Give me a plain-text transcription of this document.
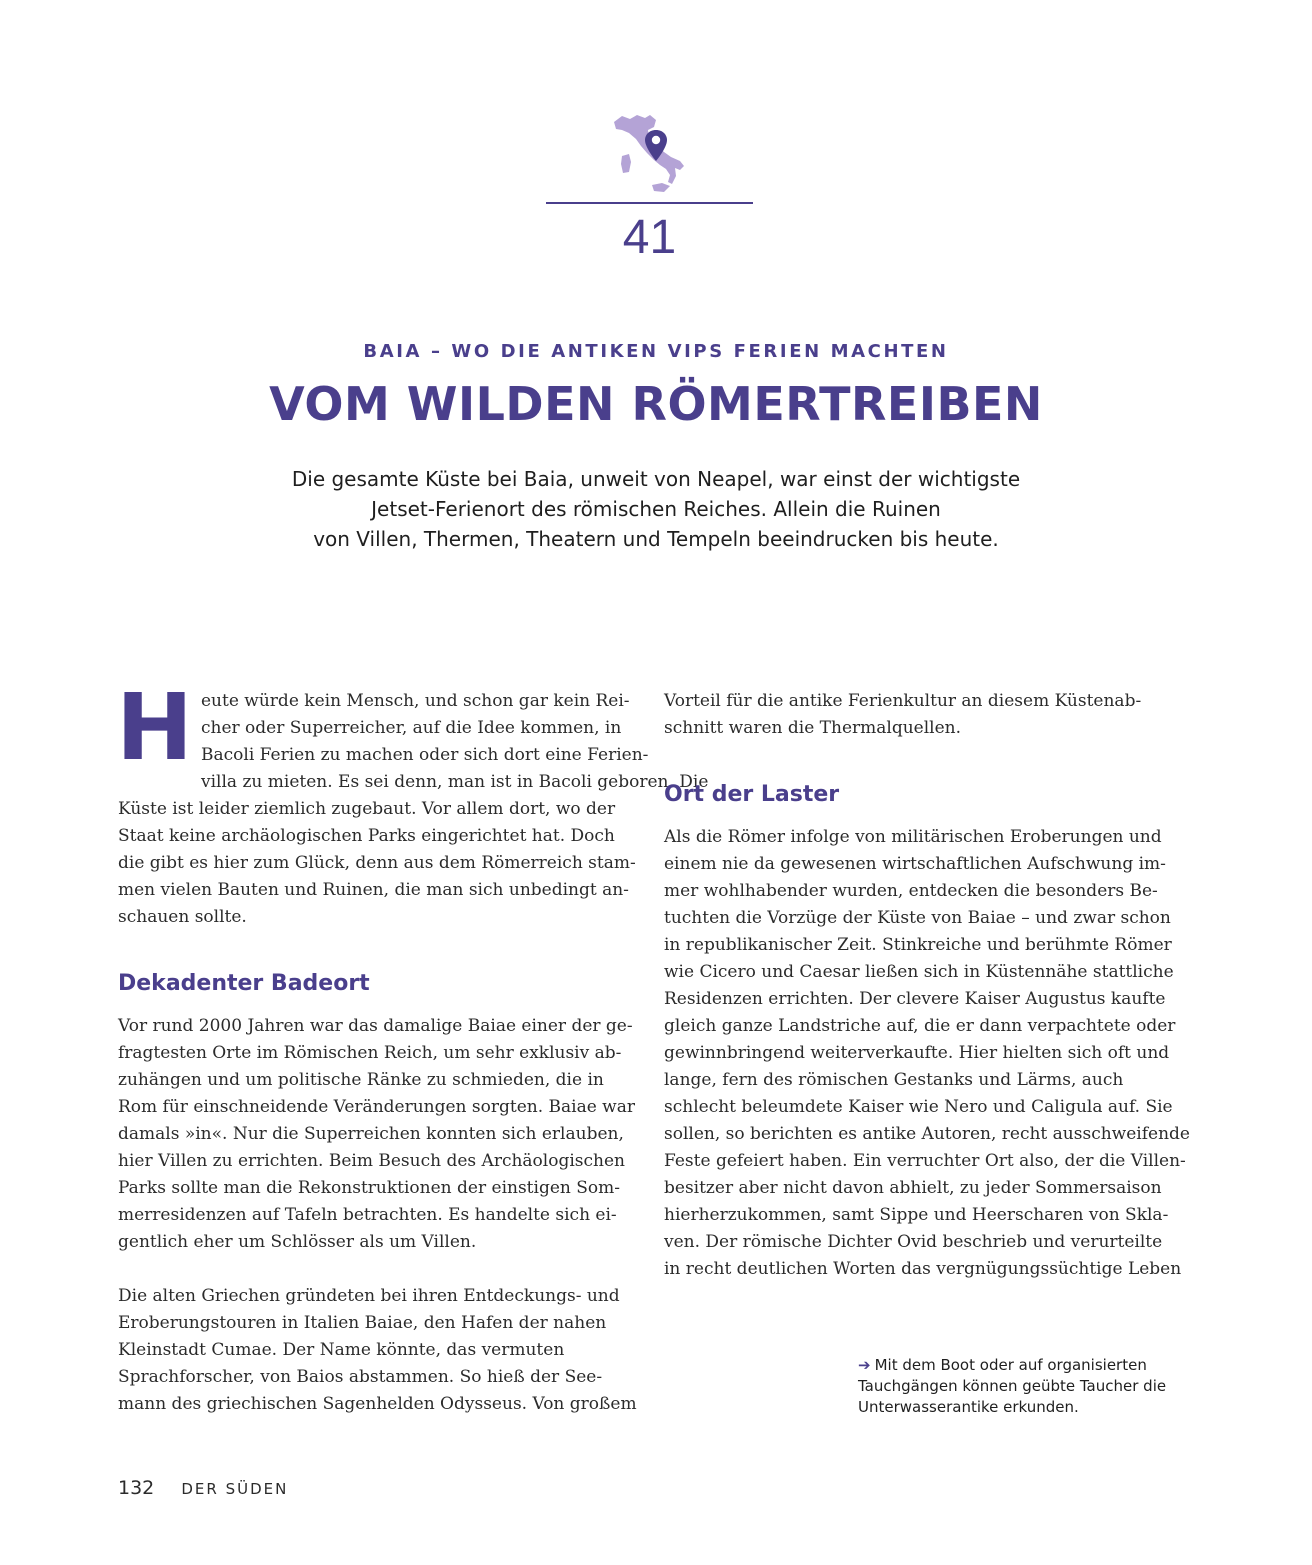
41
BAIA – WO DIE ANTIKEN VIPS FERIEN MACHTEN
VOM WILDEN RÖMERTREIBEN
Die gesamte Küste bei Baia, unweit von Neapel, war einst der wichtigste
Jetset-Ferienort des römischen Reiches. Allein die Ruinen
von Villen, Thermen, Theatern und Tempeln beeindrucken bis heute.

H eute würde kein Mensch, und schon gar kein Rei-
cher oder Superreicher, auf die Idee kommen, in
Bacoli Ferien zu machen oder sich dort eine Ferien-
villa zu mieten. Es sei denn, man ist in Bacoli geboren. Die
Küste ist leider ziemlich zugebaut. Vor allem dort, wo der
Staat keine archäologischen Parks eingerichtet hat. Doch
die gibt es hier zum Glück, denn aus dem Römerreich stam-
men vielen Bauten und Ruinen, die man sich unbedingt an-
schauen sollte.

Dekadenter Badeort

Vor rund 2000 Jahren war das damalige Baiae einer der ge-
fragtesten Orte im Römischen Reich, um sehr exklusiv ab-
zuhängen und um politische Ränke zu schmieden, die in
Rom für einschneidende Veränderungen sorgten. Baiae war
damals »in«. Nur die Superreichen konnten sich erlauben,
hier Villen zu errichten. Beim Besuch des Archäologischen
Parks sollte man die Rekonstruktionen der einstigen Som-
merresidenzen auf Tafeln betrachten. Es handelte sich ei-
gentlich eher um Schlösser als um Villen.

Die alten Griechen gründeten bei ihren Entdeckungs- und
Eroberungstouren in Italien Baiae, den Hafen der nahen
Kleinstadt Cumae. Der Name könnte, das vermuten
Sprachforscher, von Baios abstammen. So hieß der See-
mann des griechischen Sagenhelden Odysseus. Von großem

Vorteil für die antike Ferienkultur an diesem Küstenab-
schnitt waren die Thermalquellen.

Ort der Laster

Als die Römer infolge von militärischen Eroberungen und
einem nie da gewesenen wirtschaftlichen Aufschwung im-
mer wohlhabender wurden, entdecken die besonders Be-
tuchten die Vorzüge der Küste von Baiae – und zwar schon
in republikanischer Zeit. Stinkreiche und berühmte Römer
wie Cicero und Caesar ließen sich in Küstennähe stattliche
Residenzen errichten. Der clevere Kaiser Augustus kaufte
gleich ganze Landstriche auf, die er dann verpachtete oder
gewinnbringend weiterverkaufte. Hier hielten sich oft und
lange, fern des römischen Gestanks und Lärms, auch
schlecht beleumdete Kaiser wie Nero und Caligula auf. Sie
sollen, so berichten es antike Autoren, recht ausschweifende
Feste gefeiert haben. Ein verruchter Ort also, der die Villen-
besitzer aber nicht davon abhielt, zu jeder Sommersaison
hierherzukommen, samt Sippe und Heerscharen von Skla-
ven. Der römische Dichter Ovid beschrieb und verurteilte
in recht deutlichen Worten das vergnügungssüchtige Leben

➔ Mit dem Boot oder auf organisierten
Tauchgängen können geübte Taucher die
Unterwasserantike erkunden.
132 DER SÜDEN
